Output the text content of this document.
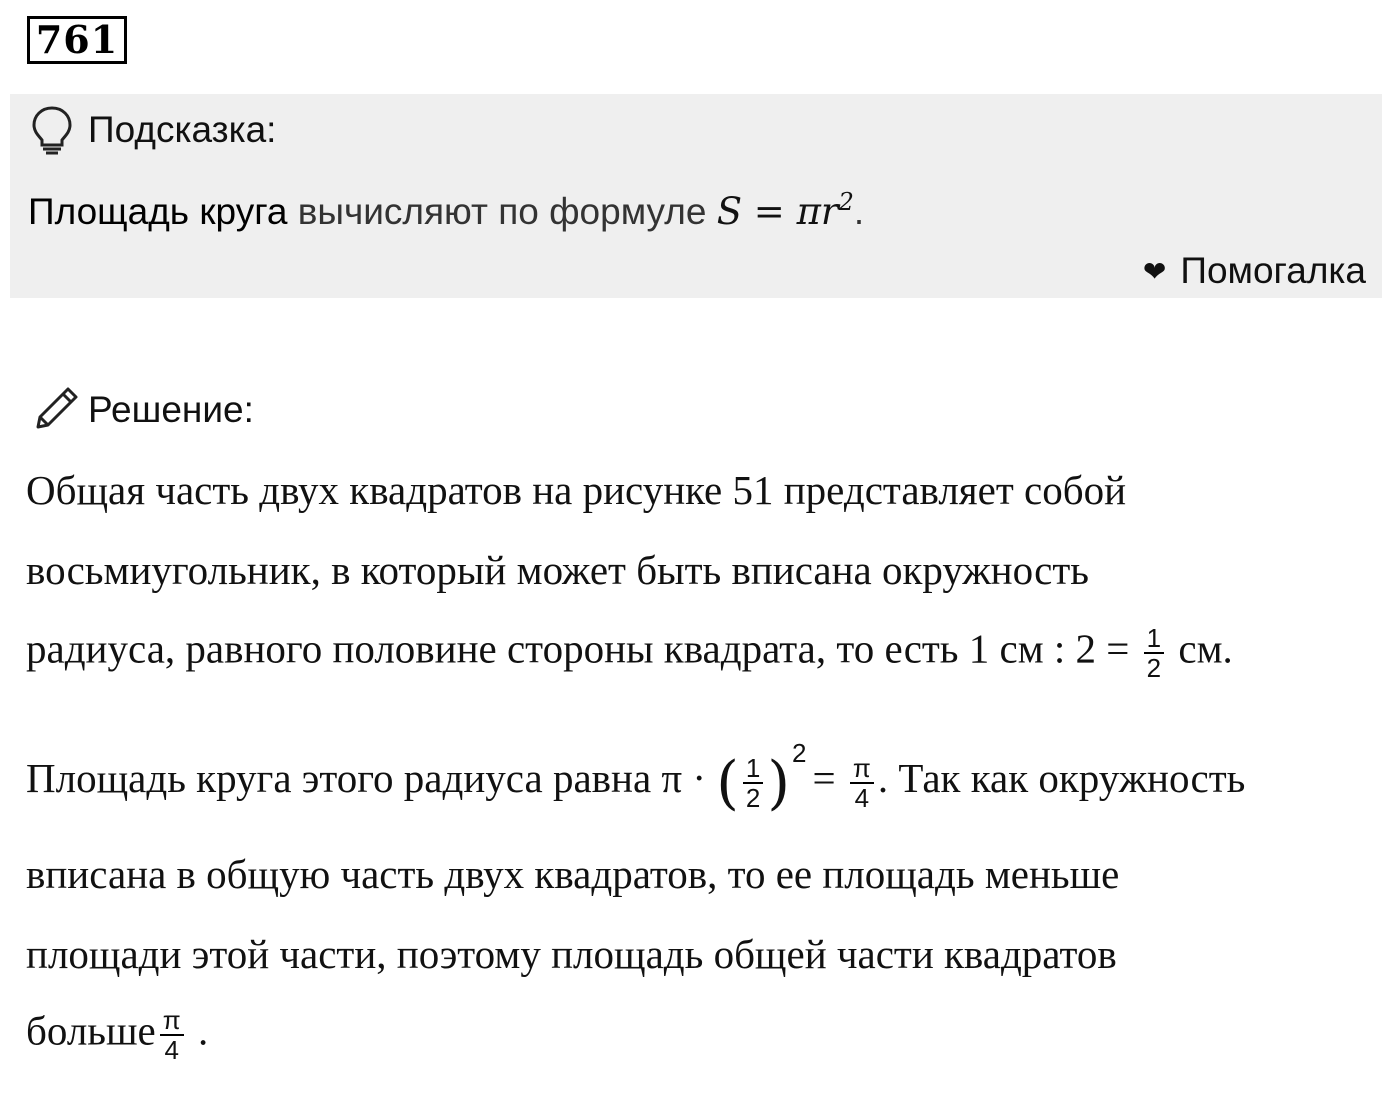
761
Подсказка:
Площадь круга вычисляют по формуле $S = \pi r^2$.
❤ Помогалка
Решение:
Общая часть двух квадратов на рисунке 51 представляет собой
восьмиугольник, в который может быть вписана окружность
радиуса, равного половине стороны квадрата, то есть 1 см : $2 = \frac{1}{2}$ см.
Площадь круга этого радиуса равна π · ( $\frac{1}{2} )^2= \frac{\pi}{4}$ . Так как окружность
вписана в общую часть двух квадратов, то ее площадь меньше
площади этой части, поэтому площадь общей части квадратов
больше $\frac{\pi}{4}$ .
